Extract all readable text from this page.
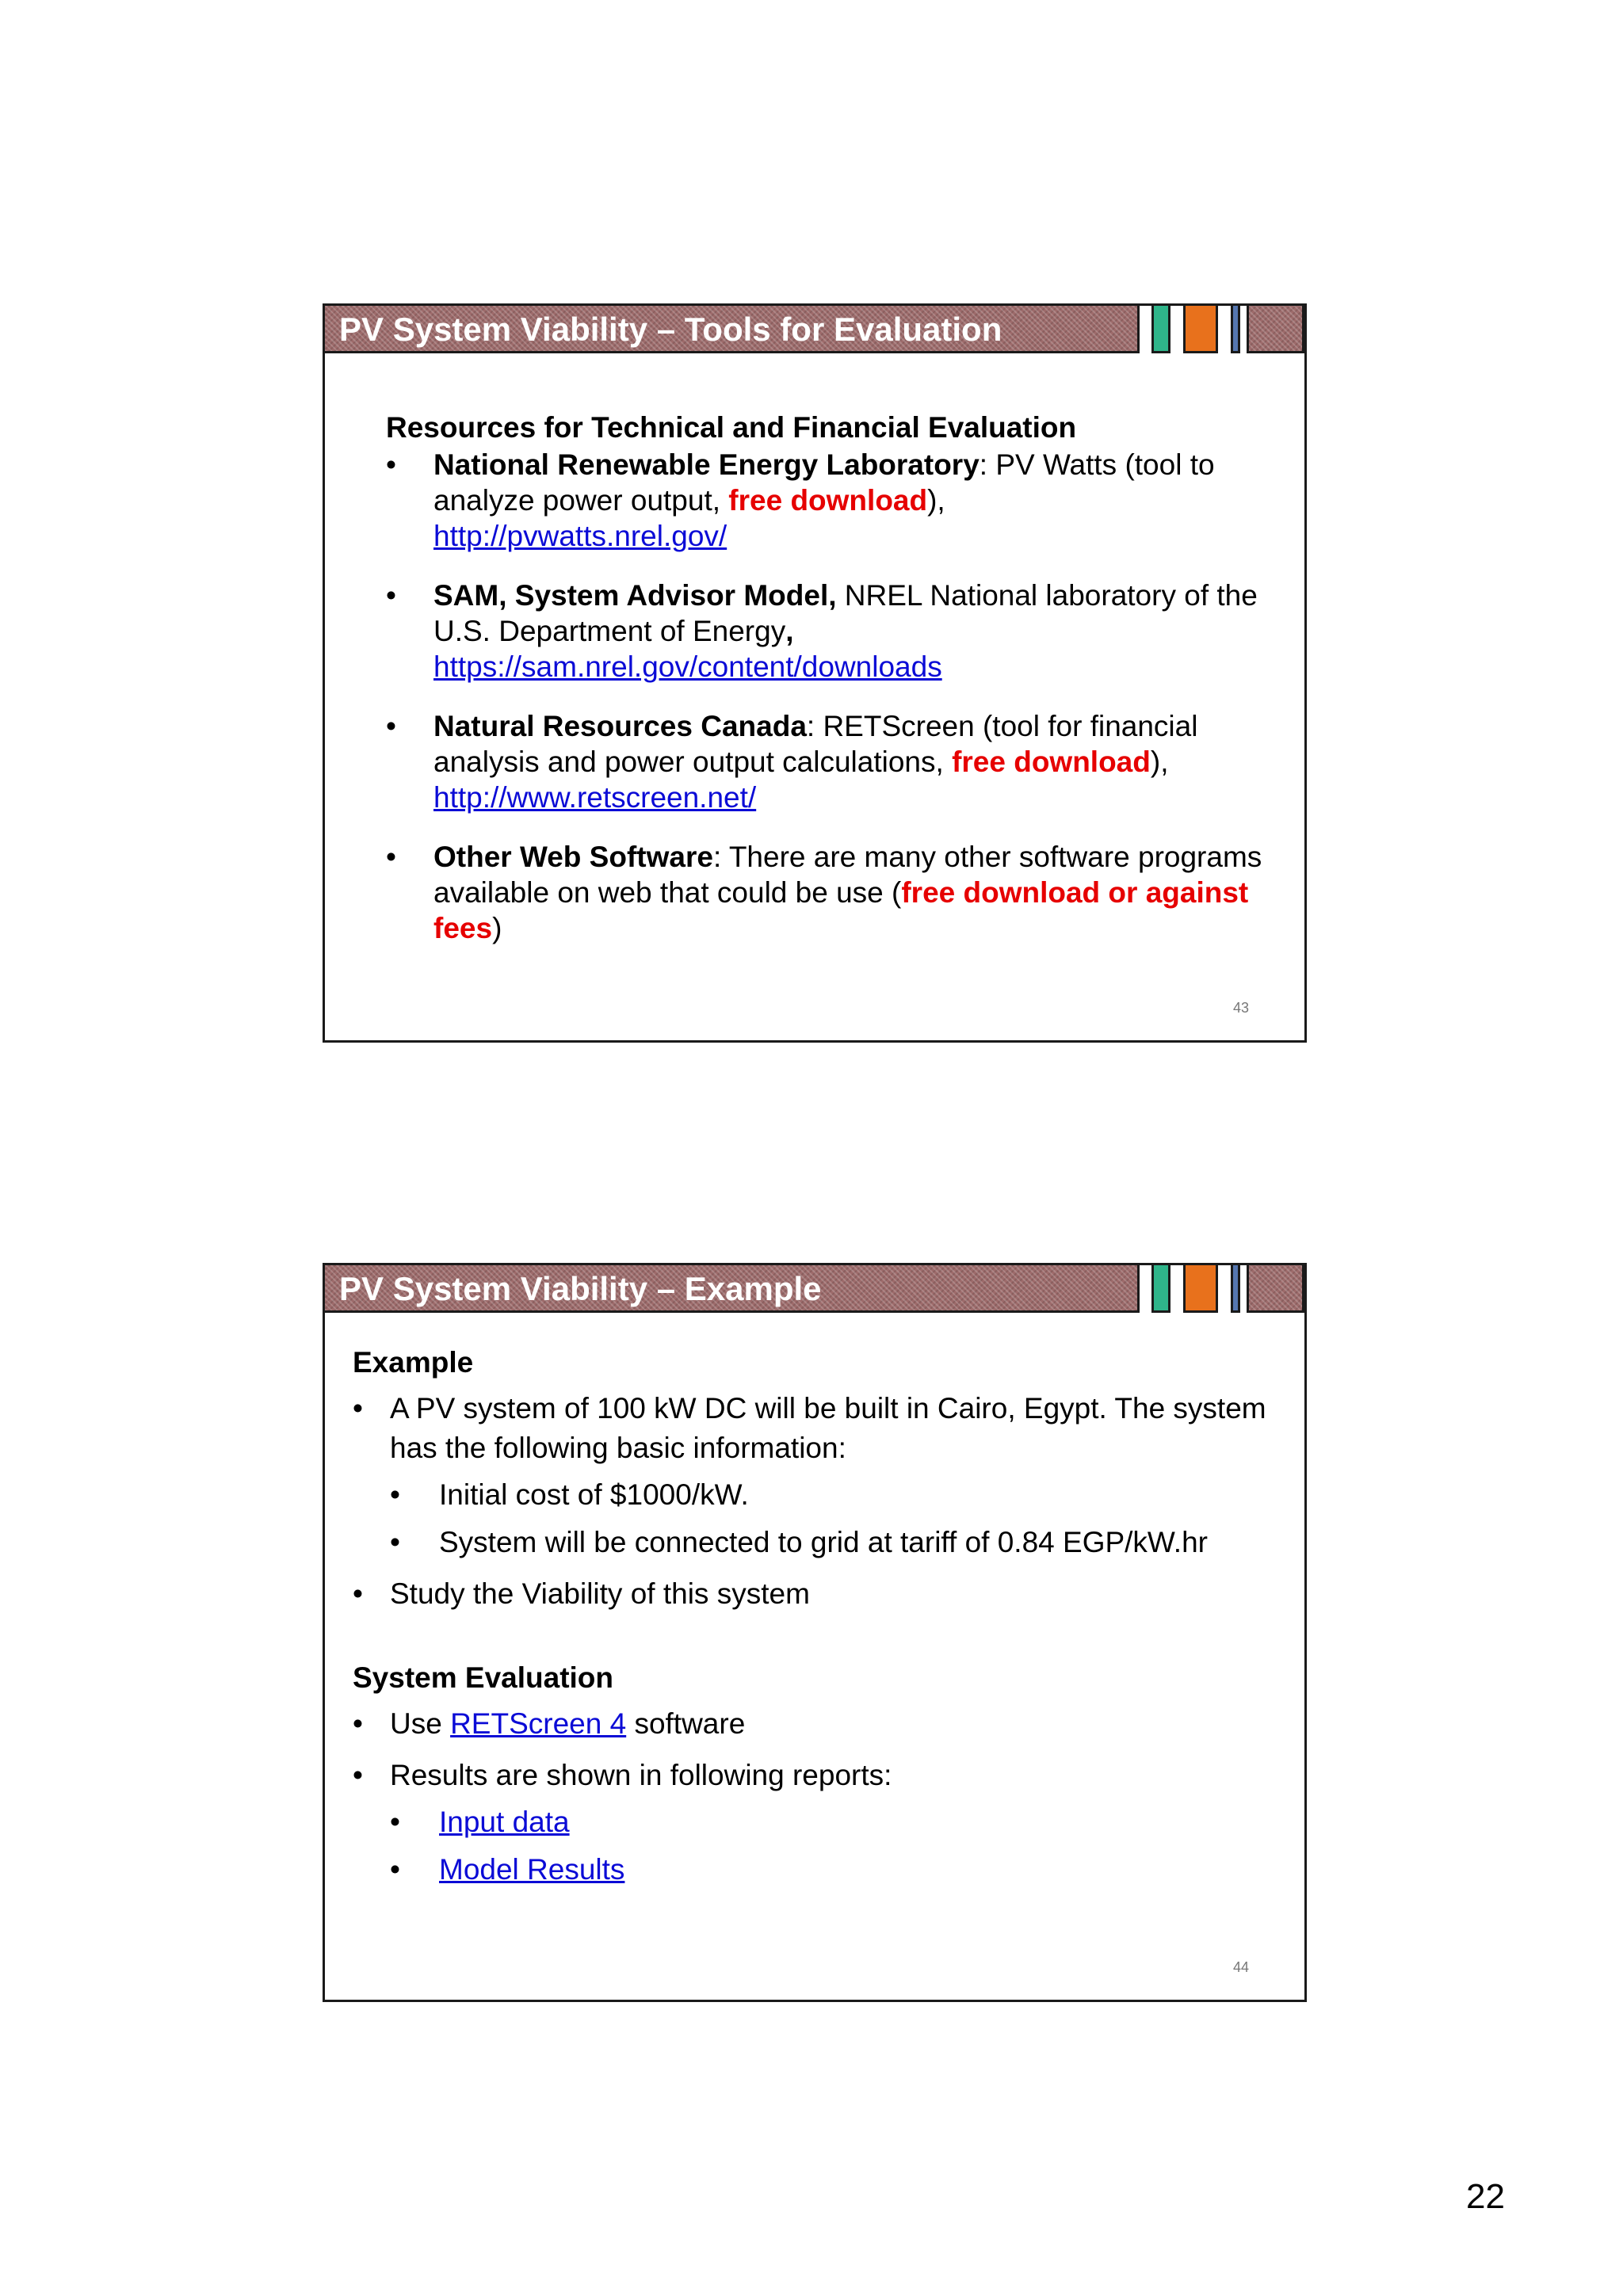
PV System Viability – Tools for Evaluation
Resources for Technical and Financial Evaluation
• National Renewable Energy Laboratory: PV Watts (tool to analyze power output, free download),
http://pvwatts.nrel.gov/
• SAM, System Advisor Model, NREL National laboratory of the U.S. Department of Energy,
https://sam.nrel.gov/content/downloads
• Natural Resources Canada: RETScreen (tool for financial analysis and power output calculations, free download),
http://www.retscreen.net/
• Other Web Software: There are many other software programs available on web that could be use (free download or against fees)
43
PV System Viability – Example
Example
• A PV system of 100 kW DC will be built in Cairo, Egypt. The system has the following basic information:
• Initial cost of $1000/kW.
• System will be connected to grid at tariff of 0.84 EGP/kW.hr
• Study the Viability of this system
System Evaluation
• Use RETScreen 4 software
• Results are shown in following reports:
• Input data
• Model Results
44
22
